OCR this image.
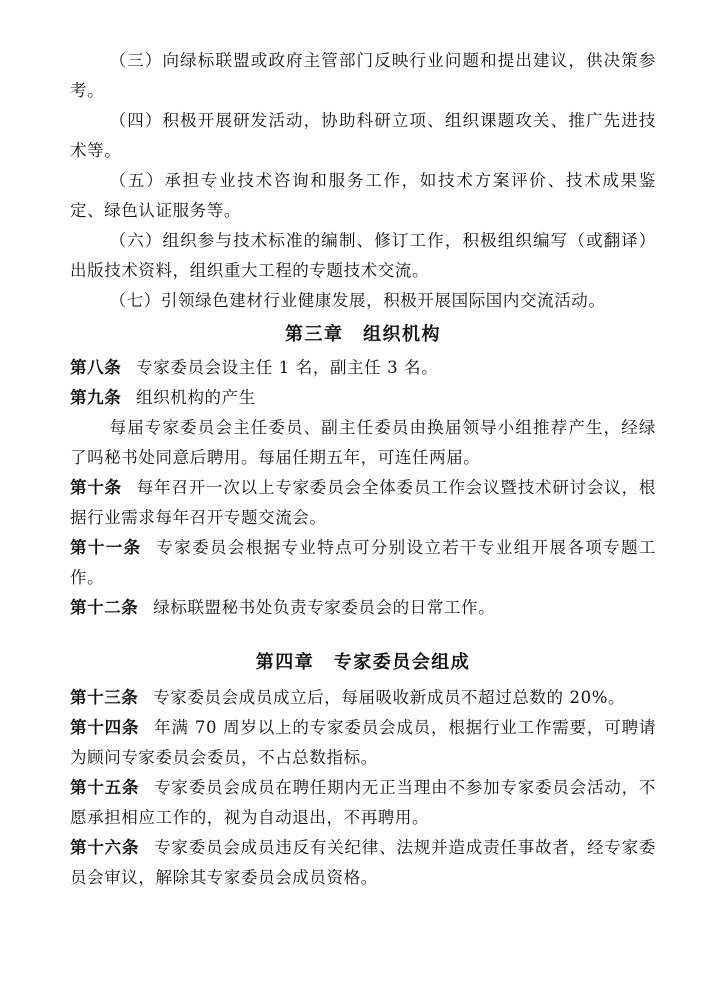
（三）向绿标联盟或政府主管部门反映行业问题和提出建议，供决策参考。

（四）积极开展研发活动，协助科研立项、组织课题攻关、推广先进技术等。

（五）承担专业技术咨询和服务工作，如技术方案评价、技术成果鉴定、绿色认证服务等。

（六）组织参与技术标准的编制、修订工作，积极组织编写（或翻译）出版技术资料，组织重大工程的专题技术交流。

（七）引领绿色建材行业健康发展，积极开展国际国内交流活动。

第三章　组织机构

第八条 专家委员会设主任 1 名，副主任 3 名。

第九条 组织机构的产生

每届专家委员会主任委员、副主任委员由换届领导小组推荐产生，经绿了吗秘书处同意后聘用。每届任期五年，可连任两届。

第十条 每年召开一次以上专家委员会全体委员工作会议暨技术研讨会议，根据行业需求每年召开专题交流会。

第十一条 专家委员会根据专业特点可分别设立若干专业组开展各项专题工作。

第十二条 绿标联盟秘书处负责专家委员会的日常工作。

第四章　专家委员会组成

第十三条 专家委员会成员成立后，每届吸收新成员不超过总数的 20%。

第十四条 年满 70 周岁以上的专家委员会成员，根据行业工作需要，可聘请为顾问专家委员会委员，不占总数指标。

第十五条 专家委员会成员在聘任期内无正当理由不参加专家委员会活动，不愿承担相应工作的，视为自动退出，不再聘用。

第十六条 专家委员会成员违反有关纪律、法规并造成责任事故者，经专家委员会审议，解除其专家委员会成员资格。
